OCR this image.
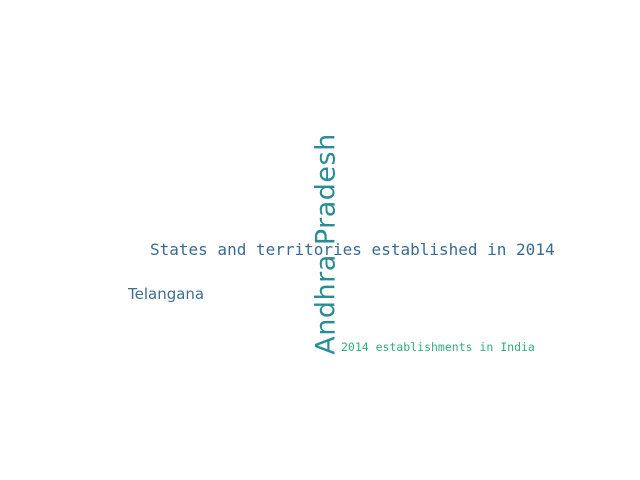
Andhra Pradesh
States and territories established in 2014
Telangana
2014 establishments in India
